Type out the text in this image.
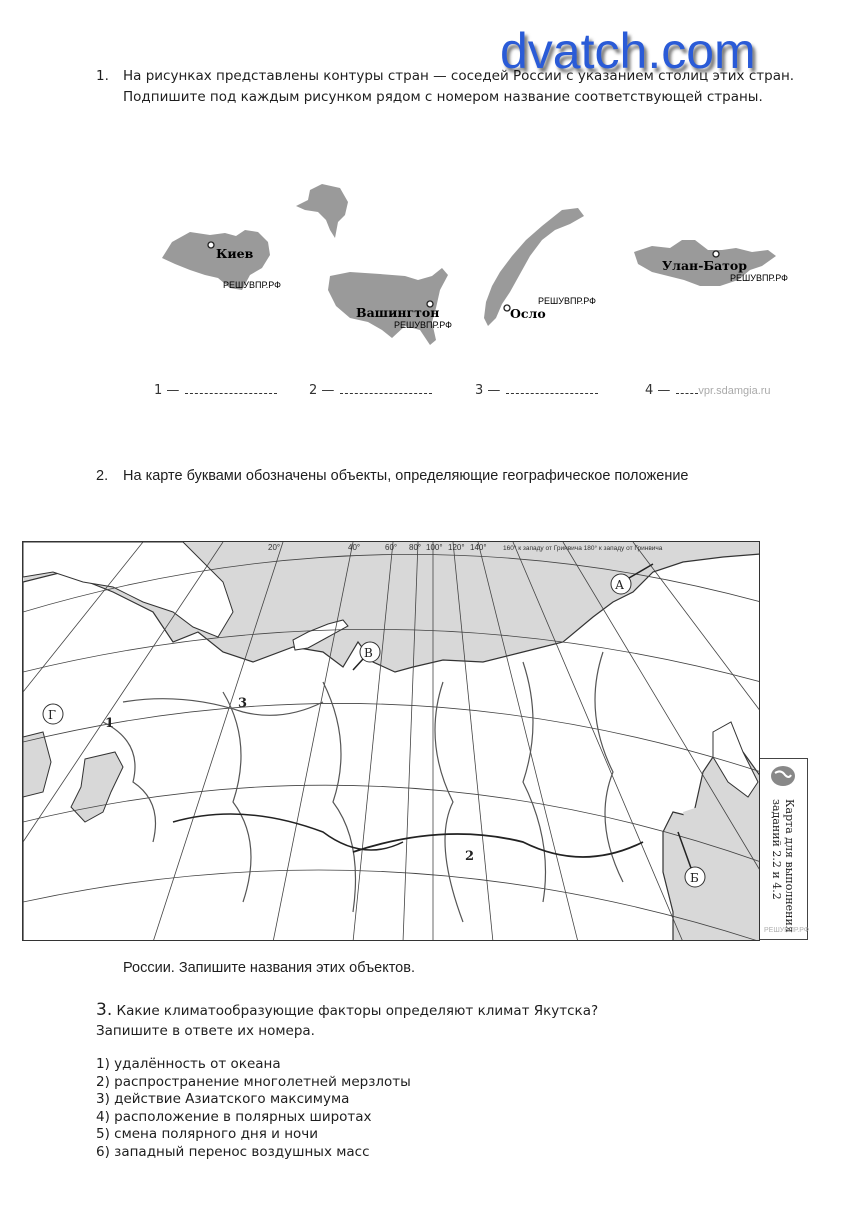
1. На рисунках представлены контуры стран — соседей России с указанием столиц этих стран. Подпишите под каждым рисунком рядом с номером название соответствующей страны.
dvatch.com
Киев
РЕШУВПР.РФ
Вашингтон
РЕШУВПР.РФ
Осло
РЕШУВПР.РФ
Улан-Батор
РЕШУВПР.РФ
1 —	2 —	3 —	4 —	vpr.sdamgia.ru
2. На карте буквами обозначены объекты, определяющие географическое положение
20°	40°	60° 80° 100° 120° 140°	160° к западу от Гринвича 180° к западу от Гринвича
А
Б
В
Г
1
2
3
Карта для выполнения
заданий 2.2 и 4.2
РЕШУВПР.РФ
России. Запишите названия этих объектов.
3. Какие климатообразующие факторы определяют климат Якутска?
Запишите в ответе их номера.
1) удалённость от океана
2) распространение многолетней мерзлоты
3) действие Азиатского максимума
4) расположение в полярных широтах
5) смена полярного дня и ночи
6) западный перенос воздушных масс
